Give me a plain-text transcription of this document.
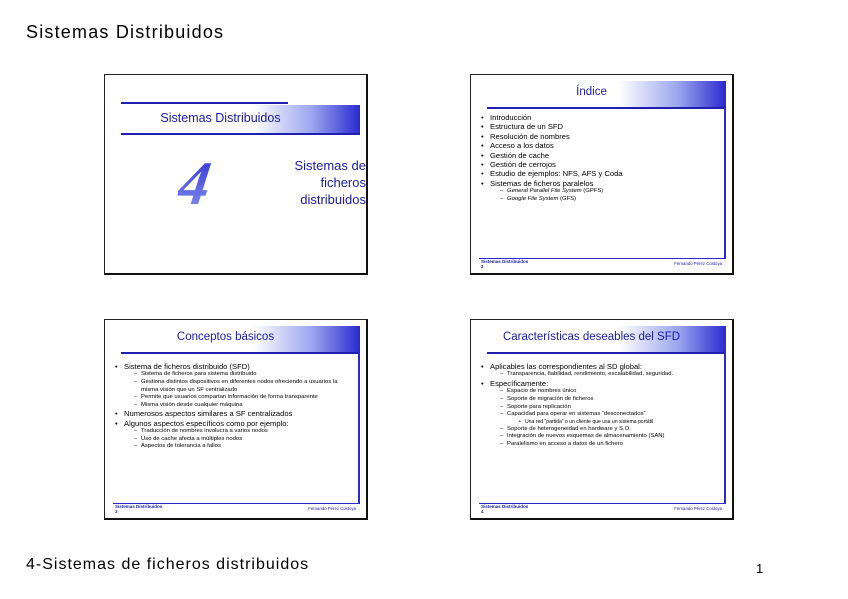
Sistemas Distribuidos
Sistemas Distribuidos
4	Sistemas de
ficheros
distribuidos
Índice
• Introducción
• Estructura de un SFD
• Resolución de nombres
• Acceso a los datos
• Gestión de cache
• Gestión de cerrojos
• Estudio de ejemplos: NFS, AFS y Coda
• Sistemas de ficheros paralelos
– General Parallel File System (GPFS)
– Google File System (GFS)
Sistemas Distribuidos
2
Fernando Pérez Costoya
Conceptos básicos
• Sistema de ficheros distribuido (SFD)
– Sistema de ficheros para sistema distribuido
– Gestiona distintos dispositivos en diferentes nodos ofreciendo a usuarios la misma visión que un SF centralizado
– Permite que usuarios compartan información de forma transparente
– Misma visión desde cualquier máquina
• Numerosos aspectos similares a SF centralizados
• Algunos aspectos específicos como por ejemplo:
– Traducción de nombres involucra a varios nodos
– Uso de cache afecta a múltiples nodos
– Aspectos de tolerancia a fallos
Sistemas Distribuidos
3
Fernando Pérez Costoya
Características deseables del SFD
• Aplicables las correspondientes al SD global:
– Transparencia, fiabilidad, rendimiento, escalabilidad, seguridad.
• Específicamente:
– Espacio de nombres único
– Soporte de migración de ficheros
– Soporte para replicación
– Capacidad para operar en sistemas “desconectados”
• Una red “partida” o un cliente que usa un sistema portátil
– Soporte de heterogeneidad en hardware y S.O.
– Integración de nuevos esquemas de almacenamiento (SAN)
– Paralelismo en acceso a datos de un fichero
Sistemas Distribuidos
4
Fernando Pérez Costoya
4-Sistemas de ficheros distribuidos	1
